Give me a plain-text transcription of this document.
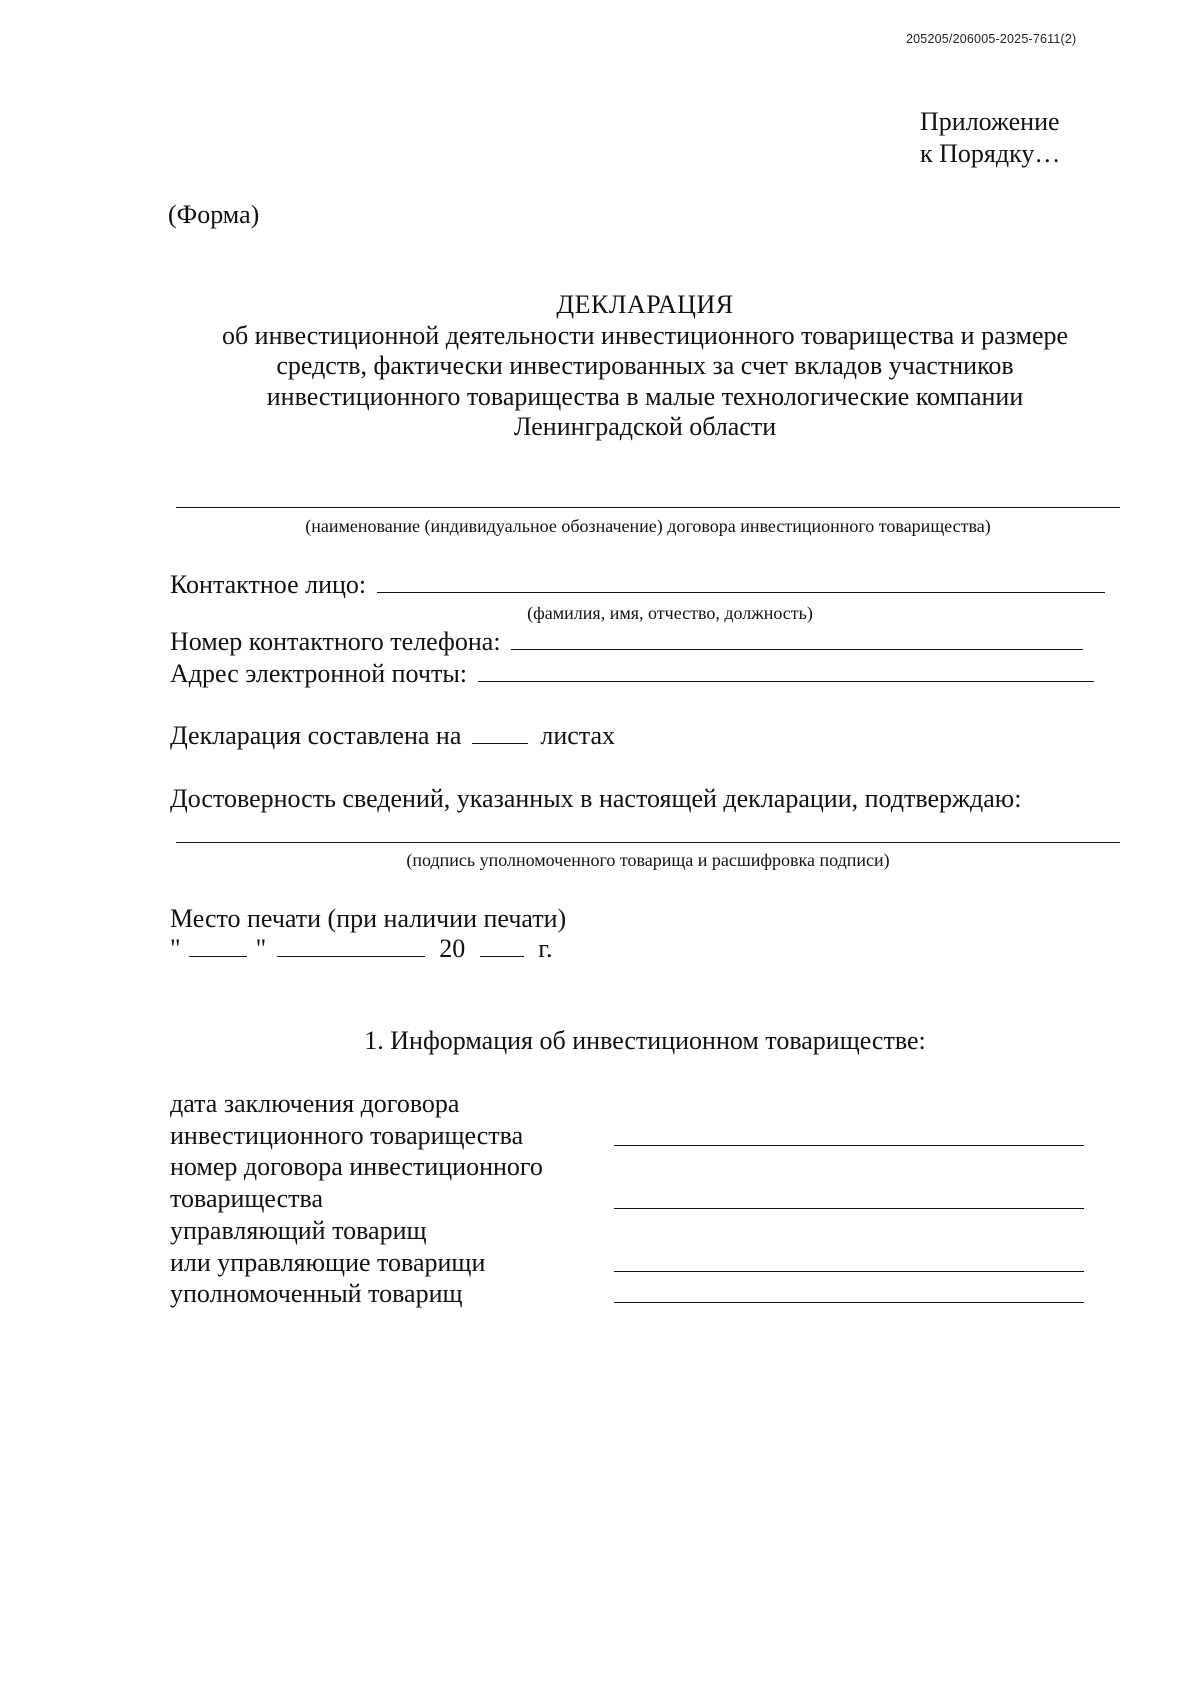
205205/206005-2025-7611(2)
Приложение
к Порядку…
(Форма)
ДЕКЛАРАЦИЯ
об инвестиционной деятельности инвестиционного товарищества и размере
средств, фактически инвестированных за счет вкладов участников
инвестиционного товарищества в малые технологические компании
Ленинградской области
(наименование (индивидуальное обозначение) договора инвестиционного товарищества)
Контактное лицо:
(фамилия, имя, отчество, должность)
Номер контактного телефона:
Адрес электронной почты:
Декларация составлена на	листах
Достоверность сведений, указанных в настоящей декларации, подтверждаю:
(подпись уполномоченного товарища и расшифровка подписи)
Место печати (при наличии печати)
"	"	20	г.
1. Информация об инвестиционном товариществе:
дата заключения договора
инвестиционного товарищества
номер договора инвестиционного
товарищества
управляющий товарищ
или управляющие товарищи
уполномоченный товарищ
